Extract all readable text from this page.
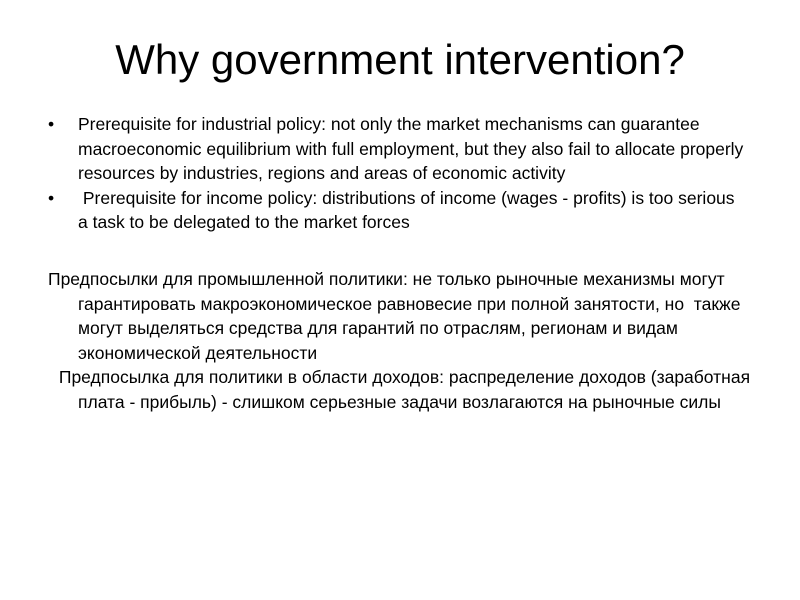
Why government intervention?
• Prerequisite for industrial policy: not only the market mechanisms can guarantee macroeconomic equilibrium with full employment, but they also fail to allocate properly resources by industries, regions and areas of economic activity
• Prerequisite for income policy: distributions of income (wages - profits) is too serious a task to be delegated to the market forces

Предпосылки для промышленной политики: не только рыночные механизмы могут гарантировать макроэкономическое равновесие при полной занятости, но  также  могут выделяться средства для гарантий по отраслям, регионам и видам экономической деятельности

Предпосылка для политики в области доходов: распределение доходов (заработная плата - прибыль) - слишком серьезные задачи возлагаются на рыночные силы
